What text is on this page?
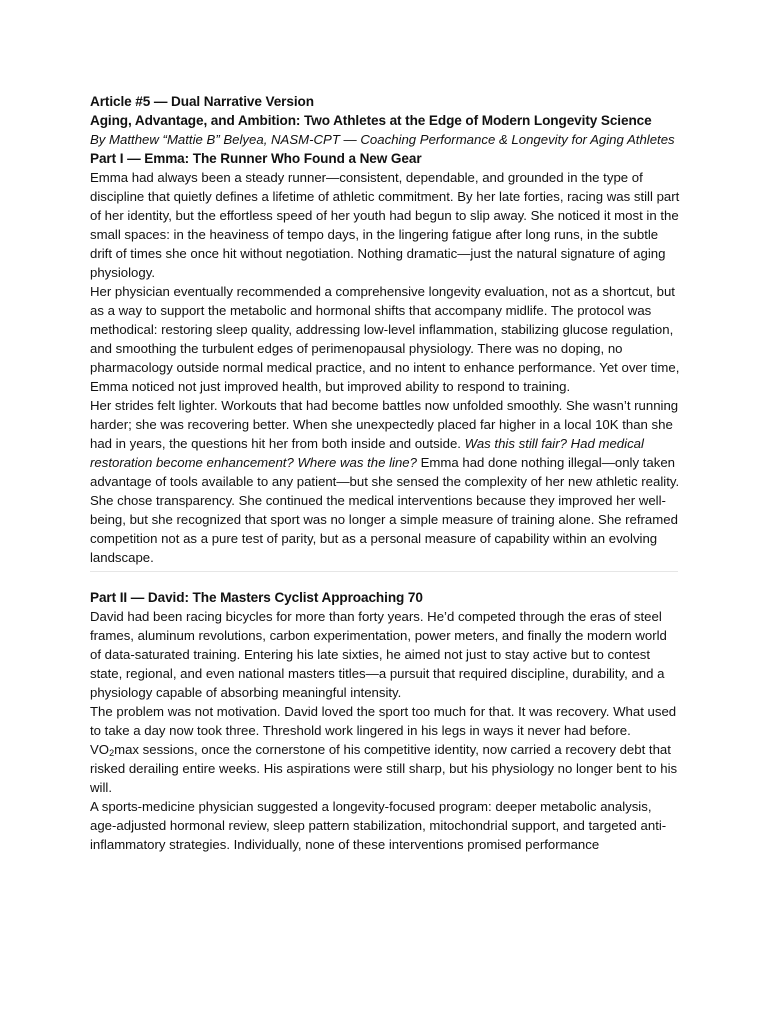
Article #5 — Dual Narrative Version

Aging, Advantage, and Ambition: Two Athletes at the Edge of Modern Longevity Science

By Matthew “Mattie B” Belyea, NASM-CPT — Coaching Performance & Longevity for Aging Athletes

Part I — Emma: The Runner Who Found a New Gear

Emma had always been a steady runner—consistent, dependable, and grounded in the type of discipline that quietly defines a lifetime of athletic commitment. By her late forties, racing was still part of her identity, but the effortless speed of her youth had begun to slip away. She noticed it most in the small spaces: in the heaviness of tempo days, in the lingering fatigue after long runs, in the subtle drift of times she once hit without negotiation. Nothing dramatic—just the natural signature of aging physiology.

Her physician eventually recommended a comprehensive longevity evaluation, not as a shortcut, but as a way to support the metabolic and hormonal shifts that accompany midlife. The protocol was methodical: restoring sleep quality, addressing low-level inflammation, stabilizing glucose regulation, and smoothing the turbulent edges of perimenopausal physiology. There was no doping, no pharmacology outside normal medical practice, and no intent to enhance performance. Yet over time, Emma noticed not just improved health, but improved ability to respond to training.

Her strides felt lighter. Workouts that had become battles now unfolded smoothly. She wasn’t running harder; she was recovering better. When she unexpectedly placed far higher in a local 10K than she had in years, the questions hit her from both inside and outside. Was this still fair? Had medical restoration become enhancement? Where was the line? Emma had done nothing illegal—only taken advantage of tools available to any patient—but she sensed the complexity of her new athletic reality.

She chose transparency. She continued the medical interventions because they improved her well-being, but she recognized that sport was no longer a simple measure of training alone. She reframed competition not as a pure test of parity, but as a personal measure of capability within an evolving landscape.

Part II — David: The Masters Cyclist Approaching 70

David had been racing bicycles for more than forty years. He’d competed through the eras of steel frames, aluminum revolutions, carbon experimentation, power meters, and finally the modern world of data-saturated training. Entering his late sixties, he aimed not just to stay active but to contest state, regional, and even national masters titles—a pursuit that required discipline, durability, and a physiology capable of absorbing meaningful intensity.

The problem was not motivation. David loved the sport too much for that. It was recovery. What used to take a day now took three. Threshold work lingered in his legs in ways it never had before. $VO_2\max$ sessions, once the cornerstone of his competitive identity, now carried a recovery debt that risked derailing entire weeks. His aspirations were still sharp, but his physiology no longer bent to his will.

A sports-medicine physician suggested a longevity-focused program: deeper metabolic analysis, age-adjusted hormonal review, sleep pattern stabilization, mitochondrial support, and targeted anti-inflammatory strategies. Individually, none of these interventions promised performance
